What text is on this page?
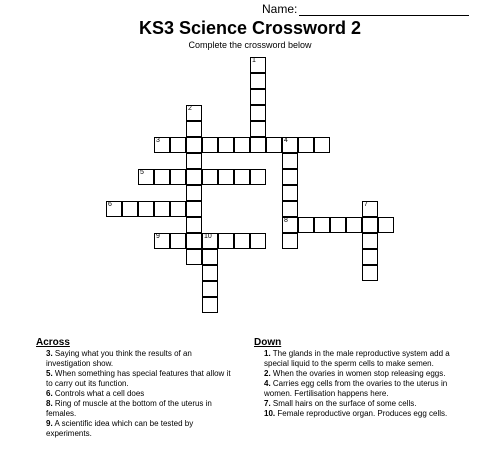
Name:
KS3 Science Crossword 2
Complete the crossword below
1
2
3	4
8
5
6	7
9	10
Across
3. Saying what you think the results of an investigation show.
5. When something has special features that allow it to carry out its function.
6. Controls what a cell does
8. Ring of muscle at the bottom of the uterus in females.
9. A scientific idea which can be tested by experiments.
Down
1. The glands in the male reproductive system add a special liquid to the sperm cells to make semen.
2. When the ovaries in women stop releasing eggs.
4. Carries egg cells from the ovaries to the uterus in women. Fertilisation happens here.
7. Small hairs on the surface of some cells.
10. Female reproductive organ. Produces egg cells.
